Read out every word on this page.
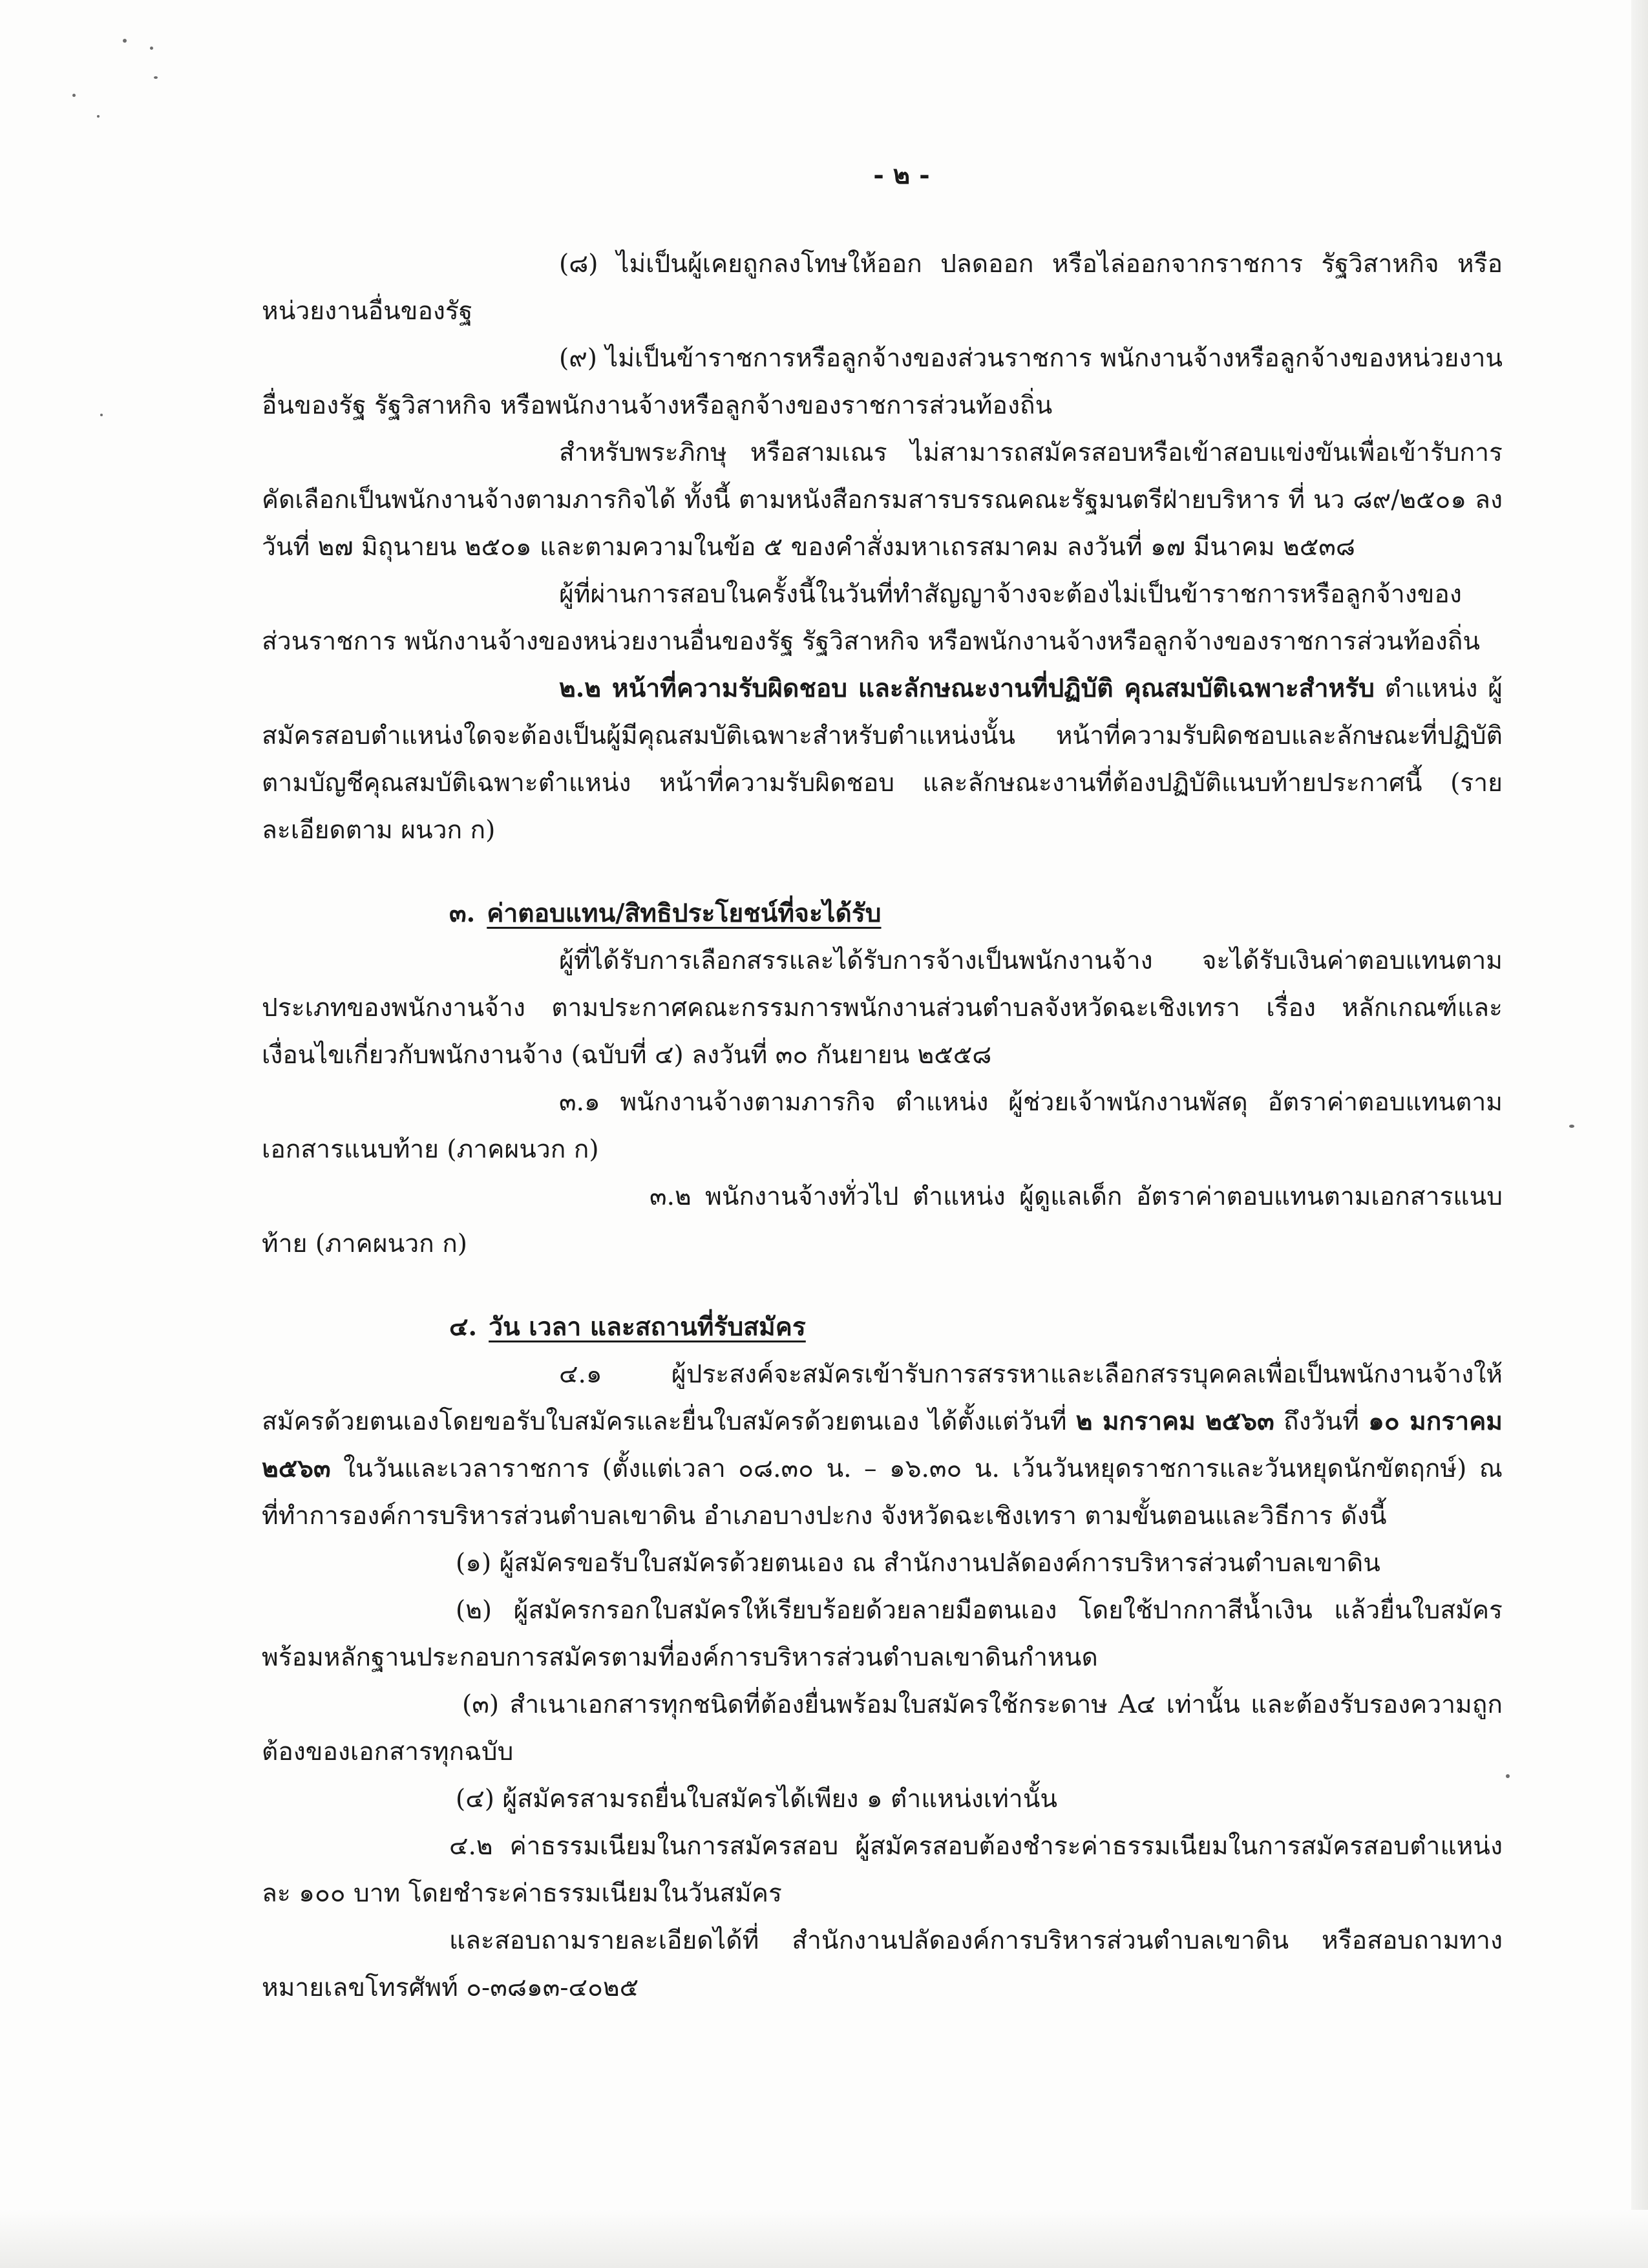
- ๒ -

(๘) ไม่เป็นผู้เคยถูกลงโทษให้ออก ปลดออก หรือไล่ออกจากราชการ รัฐวิสาหกิจ หรือหน่วยงานอื่นของรัฐ

(๙) ไม่เป็นข้าราชการหรือลูกจ้างของส่วนราชการ พนักงานจ้างหรือลูกจ้างของหน่วยงานอื่นของรัฐ รัฐวิสาหกิจ หรือพนักงานจ้างหรือลูกจ้างของราชการส่วนท้องถิ่น

สำหรับพระภิกษุ หรือสามเณร ไม่สามารถสมัครสอบหรือเข้าสอบแข่งขันเพื่อเข้ารับการคัดเลือกเป็นพนักงานจ้างตามภารกิจได้ ทั้งนี้ ตามหนังสือกรมสารบรรณคณะรัฐมนตรีฝ่ายบริหาร ที่ นว ๘๙/๒๕๐๑ ลงวันที่ ๒๗ มิถุนายน ๒๕๐๑ และตามความในข้อ ๕ ของคำสั่งมหาเถรสมาคม ลงวันที่ ๑๗ มีนาคม ๒๕๓๘

ผู้ที่ผ่านการสอบในครั้งนี้ในวันที่ทำสัญญาจ้างจะต้องไม่เป็นข้าราชการหรือลูกจ้างของส่วนราชการ พนักงานจ้างของหน่วยงานอื่นของรัฐ รัฐวิสาหกิจ หรือพนักงานจ้างหรือลูกจ้างของราชการส่วนท้องถิ่น

๒.๒ หน้าที่ความรับผิดชอบ และลักษณะงานที่ปฏิบัติ คุณสมบัติเฉพาะสำหรับ ตำแหน่ง ผู้สมัครสอบตำแหน่งใดจะต้องเป็นผู้มีคุณสมบัติเฉพาะสำหรับตำแหน่งนั้น หน้าที่ความรับผิดชอบและลักษณะที่ปฏิบัติตามบัญชีคุณสมบัติเฉพาะตำแหน่ง หน้าที่ความรับผิดชอบ และลักษณะงานที่ต้องปฏิบัติแนบท้ายประกาศนี้ (รายละเอียดตาม ผนวก ก)

๓. ค่าตอบแทน/สิทธิประโยชน์ที่จะได้รับ

ผู้ที่ได้รับการเลือกสรรและได้รับการจ้างเป็นพนักงานจ้าง จะได้รับเงินค่าตอบแทนตามประเภทของพนักงานจ้าง ตามประกาศคณะกรรมการพนักงานส่วนตำบลจังหวัดฉะเชิงเทรา เรื่อง หลักเกณฑ์และเงื่อนไขเกี่ยวกับพนักงานจ้าง (ฉบับที่ ๔) ลงวันที่ ๓๐ กันยายน ๒๕๕๘

๓.๑ พนักงานจ้างตามภารกิจ ตำแหน่ง ผู้ช่วยเจ้าพนักงานพัสดุ อัตราค่าตอบแทนตามเอกสารแนบท้าย (ภาคผนวก ก)

๓.๒ พนักงานจ้างทั่วไป ตำแหน่ง ผู้ดูแลเด็ก อัตราค่าตอบแทนตามเอกสารแนบท้าย (ภาคผนวก ก)

๔. วัน เวลา และสถานที่รับสมัคร

๔.๑ ผู้ประสงค์จะสมัครเข้ารับการสรรหาและเลือกสรรบุคคลเพื่อเป็นพนักงานจ้างให้สมัครด้วยตนเองโดยขอรับใบสมัครและยื่นใบสมัครด้วยตนเอง ได้ตั้งแต่วันที่ ๒ มกราคม ๒๕๖๓ ถึงวันที่ ๑๐ มกราคม ๒๕๖๓ ในวันและเวลาราชการ (ตั้งแต่เวลา ๐๘.๓๐ น. – ๑๖.๓๐ น. เว้นวันหยุดราชการและวันหยุดนักขัตฤกษ์) ณ ที่ทำการองค์การบริหารส่วนตำบลเขาดิน อำเภอบางปะกง จังหวัดฉะเชิงเทรา ตามขั้นตอนและวิธีการ ดังนี้

(๑) ผู้สมัครขอรับใบสมัครด้วยตนเอง ณ สำนักงานปลัดองค์การบริหารส่วนตำบลเขาดิน

(๒) ผู้สมัครกรอกใบสมัครให้เรียบร้อยด้วยลายมือตนเอง โดยใช้ปากกาสีน้ำเงิน แล้วยื่นใบสมัครพร้อมหลักฐานประกอบการสมัครตามที่องค์การบริหารส่วนตำบลเขาดินกำหนด

(๓) สำเนาเอกสารทุกชนิดที่ต้องยื่นพร้อมใบสมัครใช้กระดาษ A๔ เท่านั้น และต้องรับรองความถูกต้องของเอกสารทุกฉบับ

(๔) ผู้สมัครสามรถยื่นใบสมัครได้เพียง ๑ ตำแหน่งเท่านั้น

๔.๒ ค่าธรรมเนียมในการสมัครสอบ ผู้สมัครสอบต้องชำระค่าธรรมเนียมในการสมัครสอบตำแหน่งละ ๑๐๐ บาท โดยชำระค่าธรรมเนียมในวันสมัคร

และสอบถามรายละเอียดได้ที่ สำนักงานปลัดองค์การบริหารส่วนตำบลเขาดิน หรือสอบถามทางหมายเลขโทรศัพท์ ๐-๓๘๑๓-๔๐๒๕
